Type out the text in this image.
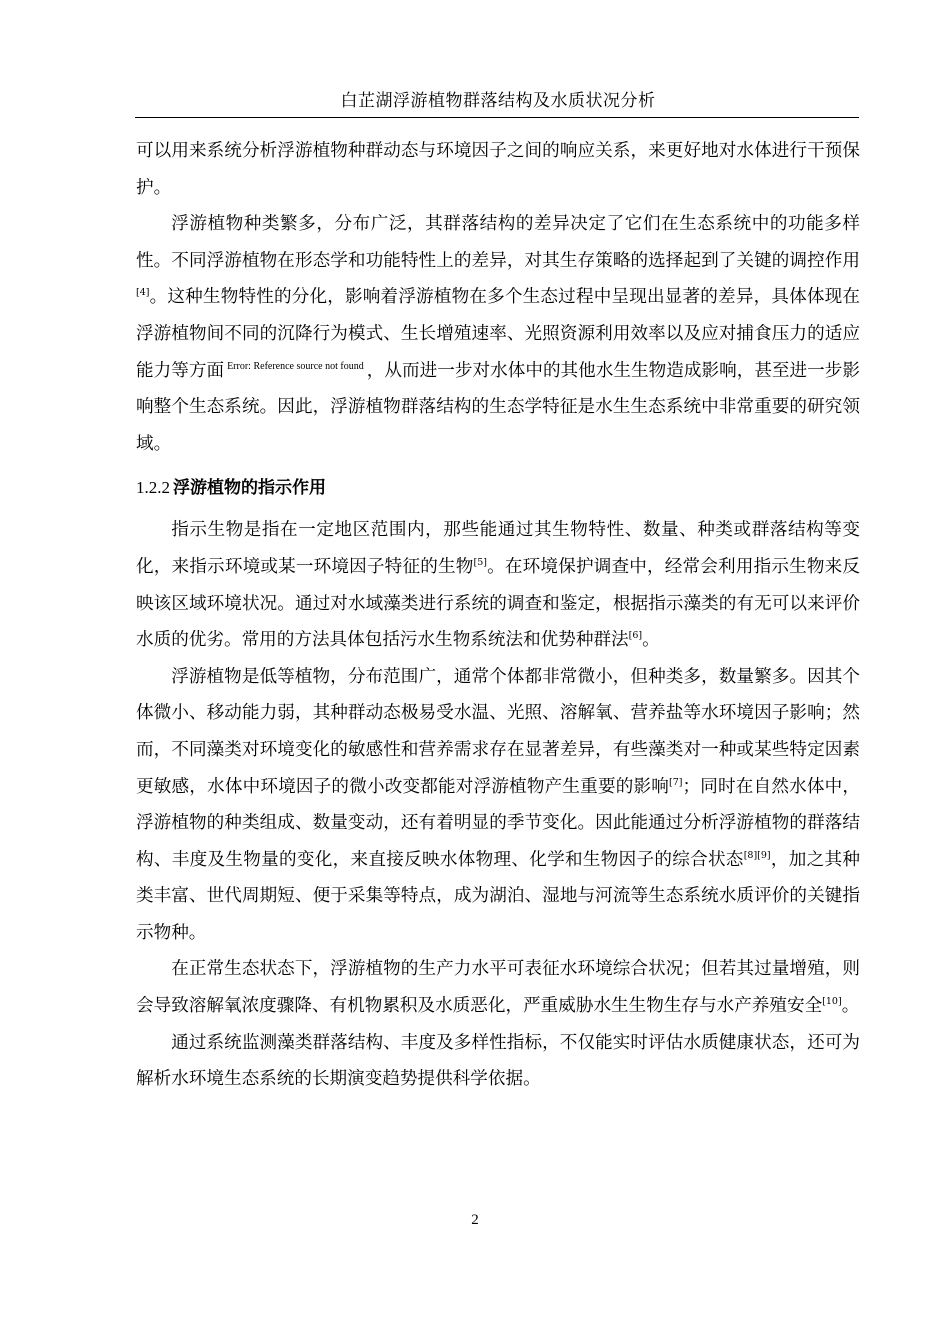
白芷湖浮游植物群落结构及水质状况分析

可以用来系统分析浮游植物种群动态与环境因子之间的响应关系，来更好地对水体进行干预保护。

浮游植物种类繁多，分布广泛，其群落结构的差异决定了它们在生态系统中的功能多样性。不同浮游植物在形态学和功能特性上的差异，对其生存策略的选择起到了关键的调控作用[4]。这种生物特性的分化，影响着浮游植物在多个生态过程中呈现出显著的差异，具体体现在浮游植物间不同的沉降行为模式、生长增殖速率、光照资源利用效率以及应对捕食压力的适应能力等方面 $^{Error: Reference source not found}$ ，从而进一步对水体中的其他水生生物造成影响，甚至进一步影响整个生态系统。因此，浮游植物群落结构的生态学特征是水生生态系统中非常重要的研究领域。

1.2.2 浮游植物的指示作用

指示生物是指在一定地区范围内，那些能通过其生物特性、数量、种类或群落结构等变化，来指示环境或某一环境因子特征的生物[5]。在环境保护调查中，经常会利用指示生物来反映该区域环境状况。通过对水域藻类进行系统的调查和鉴定，根据指示藻类的有无可以来评价水质的优劣。常用的方法具体包括污水生物系统法和优势种群法[6]。

浮游植物是低等植物，分布范围广，通常个体都非常微小，但种类多，数量繁多。因其个体微小、移动能力弱，其种群动态极易受水温、光照、溶解氧、营养盐等水环境因子影响；然而，不同藻类对环境变化的敏感性和营养需求存在显著差异，有些藻类对一种或某些特定因素更敏感，水体中环境因子的微小改变都能对浮游植物产生重要的影响[7]；同时在自然水体中，浮游植物的种类组成、数量变动，还有着明显的季节变化。因此能通过分析浮游植物的群落结构、丰度及生物量的变化，来直接反映水体物理、化学和生物因子的综合状态[8][9]，加之其种类丰富、世代周期短、便于采集等特点，成为湖泊、湿地与河流等生态系统水质评价的关键指示物种。

在正常生态状态下，浮游植物的生产力水平可表征水环境综合状况；但若其过量增殖，则会导致溶解氧浓度骤降、有机物累积及水质恶化，严重威胁水生生物生存与水产养殖安全[10]。

通过系统监测藻类群落结构、丰度及多样性指标，不仅能实时评估水质健康状态，还可为解析水环境生态系统的长期演变趋势提供科学依据。

2
